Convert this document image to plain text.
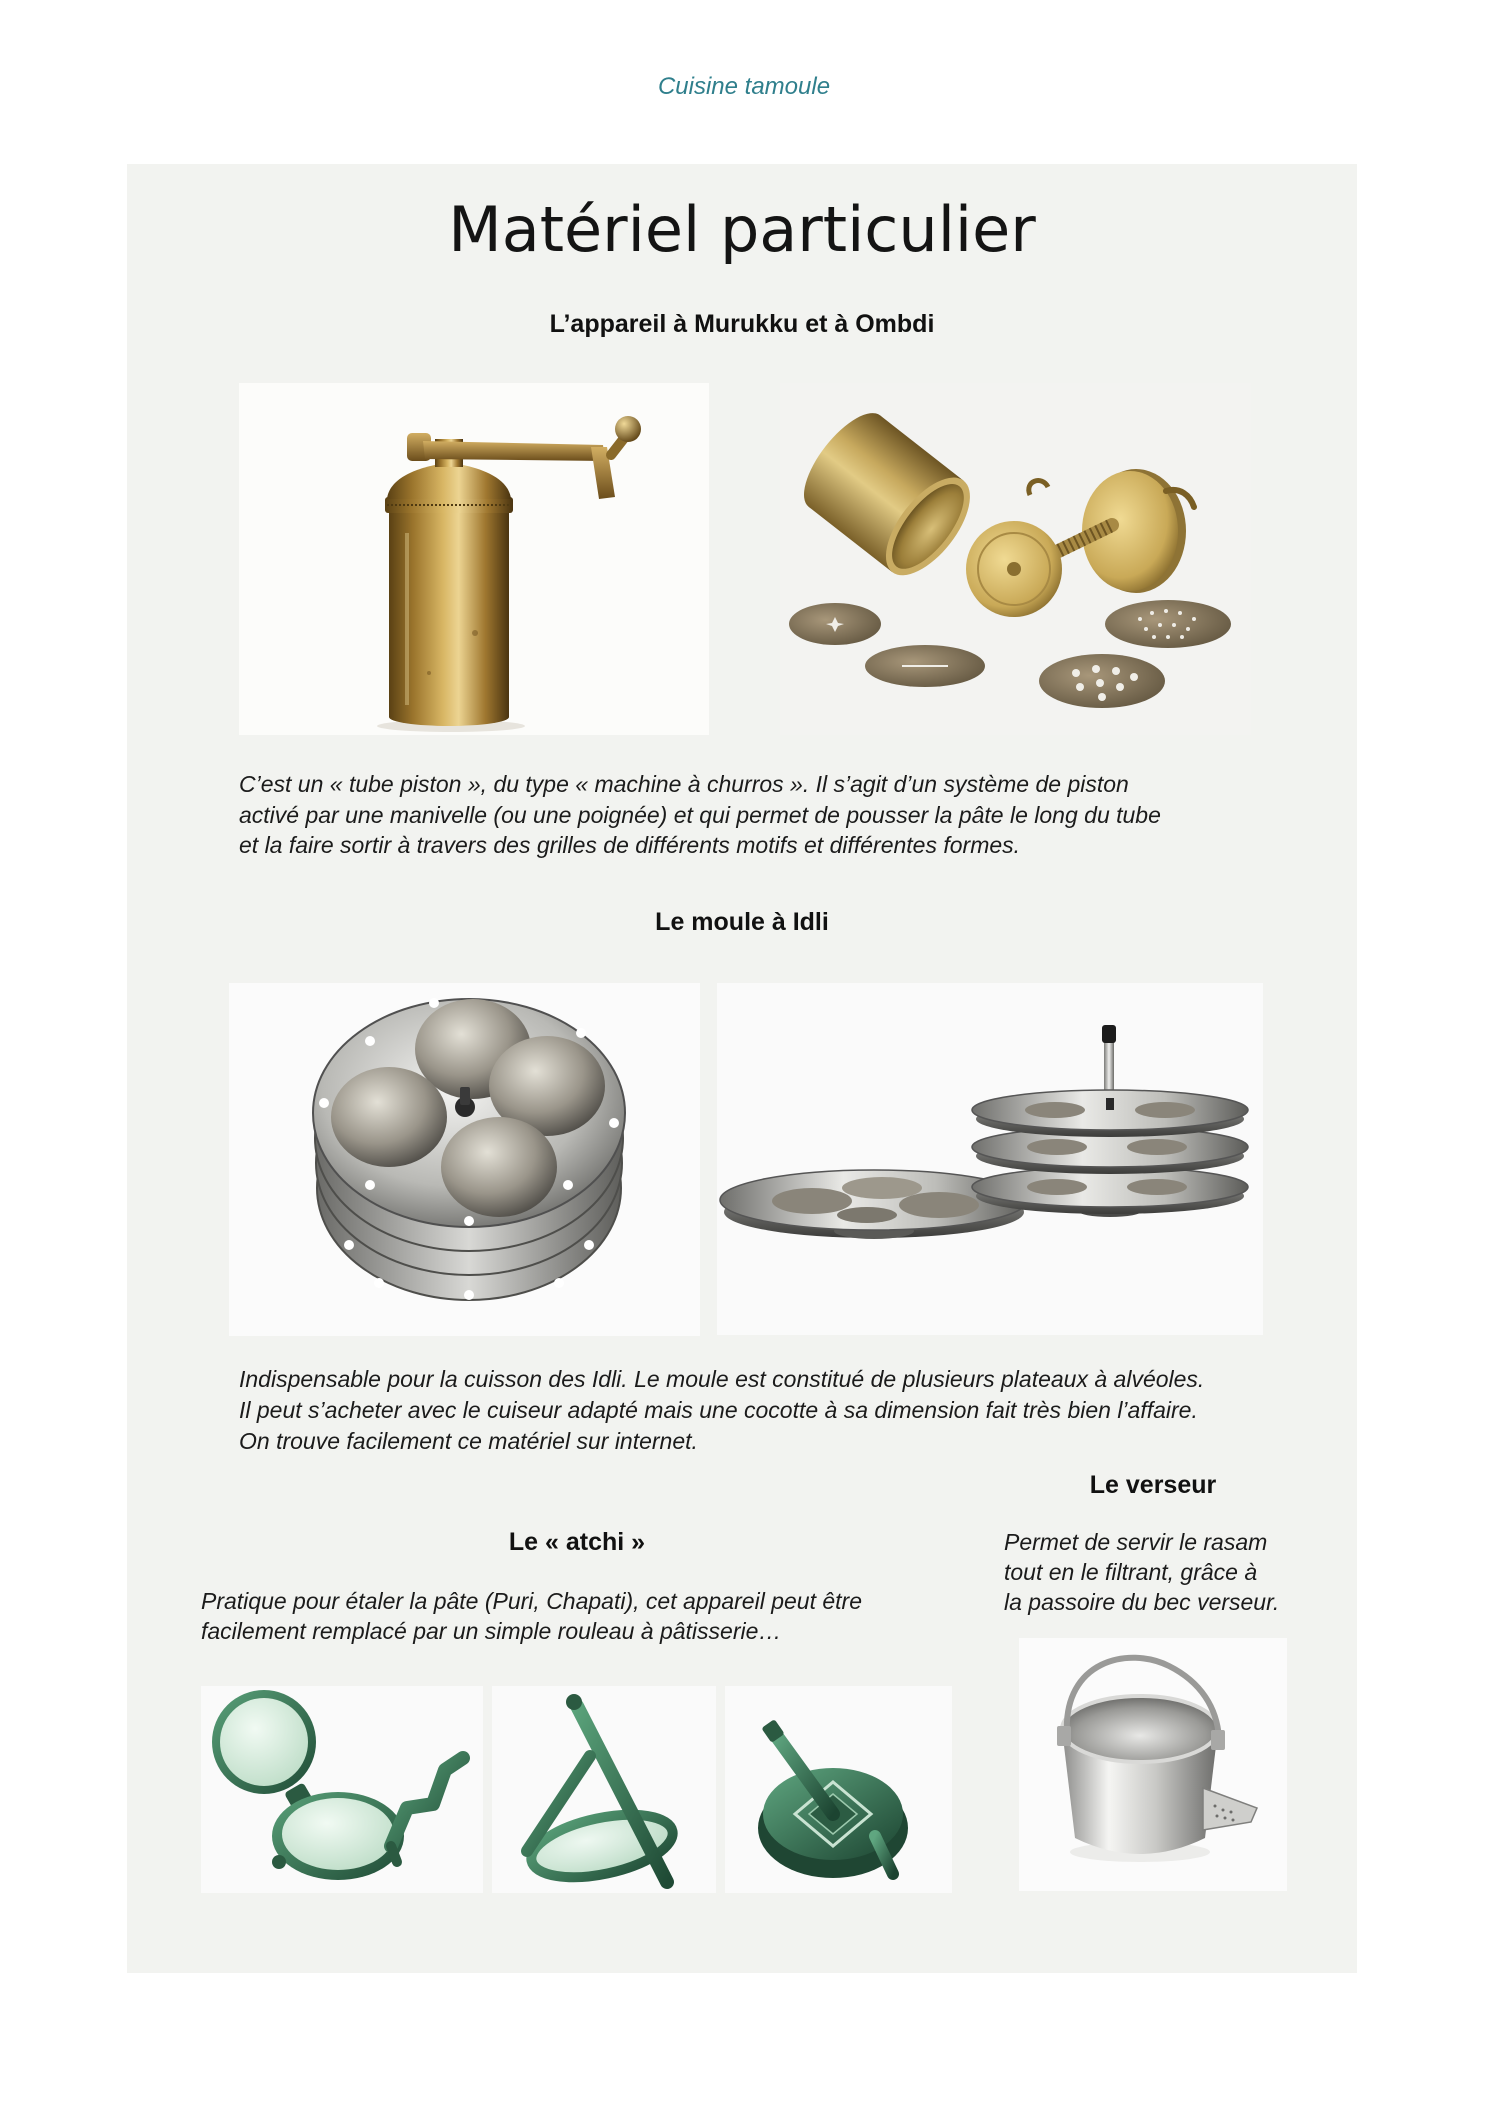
Cuisine tamoule
Matériel particulier
L’appareil à Murukku et à Ombdi
C’est un « tube piston », du type « machine à churros ». Il s’agit d’un système de piston
activé par une manivelle (ou une poignée) et qui permet de pousser la pâte le long du tube
et la faire sortir à travers des grilles de différents motifs et différentes formes.
Le moule à Idli
Indispensable pour la cuisson des Idli. Le moule est constitué de plusieurs plateaux à alvéoles.
Il peut s’acheter avec le cuiseur adapté mais une cocotte à sa dimension fait très bien l’affaire.
On trouve facilement ce matériel sur internet.
Le verseur
Permet de servir le rasam
tout en le filtrant, grâce à
la passoire du bec verseur.
Le « atchi »
Pratique pour étaler la pâte (Puri, Chapati), cet appareil peut être
facilement remplacé par un simple rouleau à pâtisserie…
